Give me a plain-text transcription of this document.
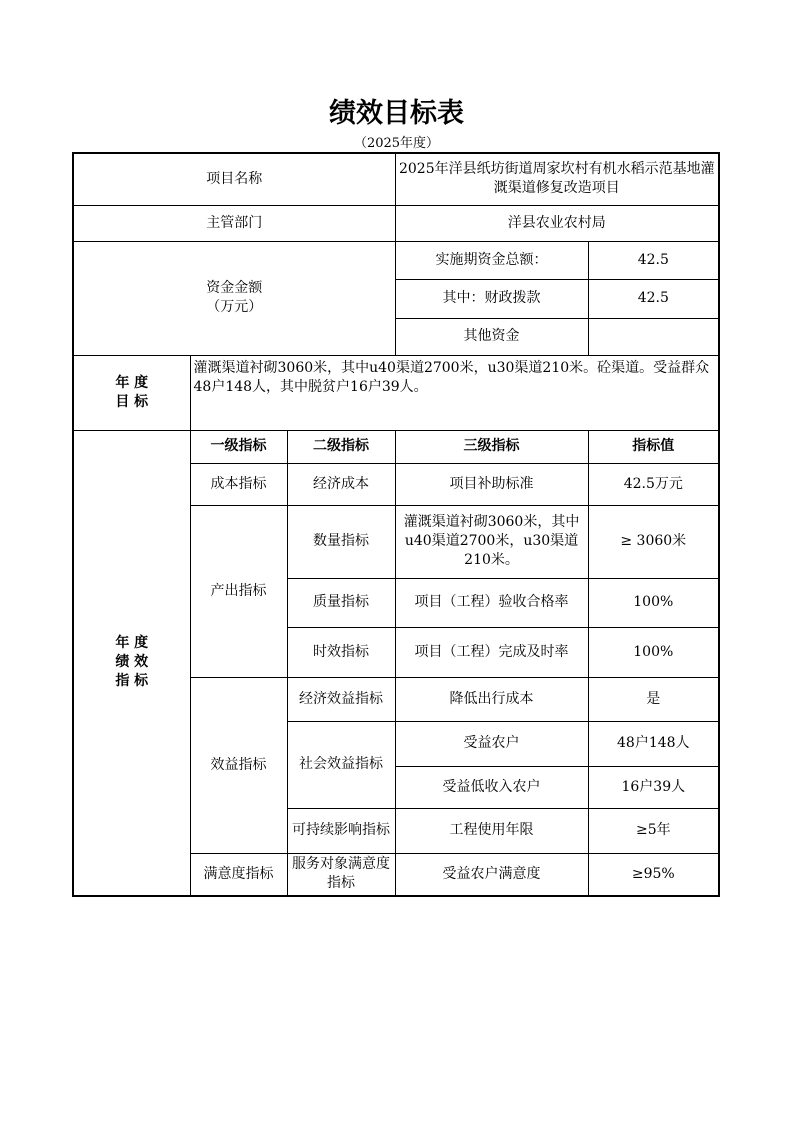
绩效目标表
（2025年度）
项目名称			2025年洋县纸坊街道周家坎村有机水稻示范基地灌溉渠道修复改造项目	
主管部门			洋县农业农村局	

资金金额
（万元）			实施期资金总额：	42.5
			其中：财政拨款	42.5
			其他资金	

年 度
目 标	灌溉渠道衬砌3060米，其中u40渠道2700米，u30渠道210米。砼渠道。受益群众48户148人，其中脱贫户16户39人。			

年 度
绩 效
指 标	一级指标	二级指标	三级指标	指标值
	成本指标	经济成本	项目补助标准	42.5万元
	产出指标	数量指标	灌溉渠道衬砌3060米，其中u40渠道2700米，u30渠道210米。	≥ 3060米
		质量指标	项目（工程）验收合格率	100%
		时效指标	项目（工程）完成及时率	100%
	效益指标	经济效益指标	降低出行成本	是
		社会效益指标	受益农户	48户148人
			受益低收入农户	16户39人
		可持续影响指标	工程使用年限	≥5年
	满意度指标	服务对象满意度指标	受益农户满意度	≥95%
